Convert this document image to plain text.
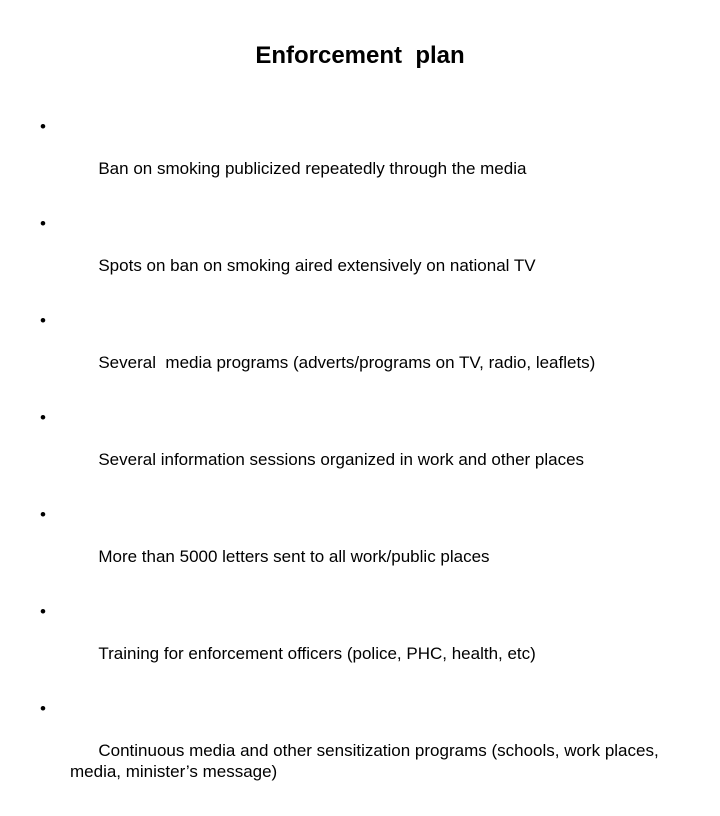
Enforcement  plan

•

Ban on smoking publicized repeatedly through the media

•

Spots on ban on smoking aired extensively on national TV

•

Several  media programs (adverts/programs on TV, radio, leaflets)

•

Several information sessions organized in work and other places

•

More than 5000 letters sent to all work/public places

•

Training for enforcement officers (police, PHC, health, etc)

•

Continuous media and other sensitization programs (schools, work places, media, minister’s message)
